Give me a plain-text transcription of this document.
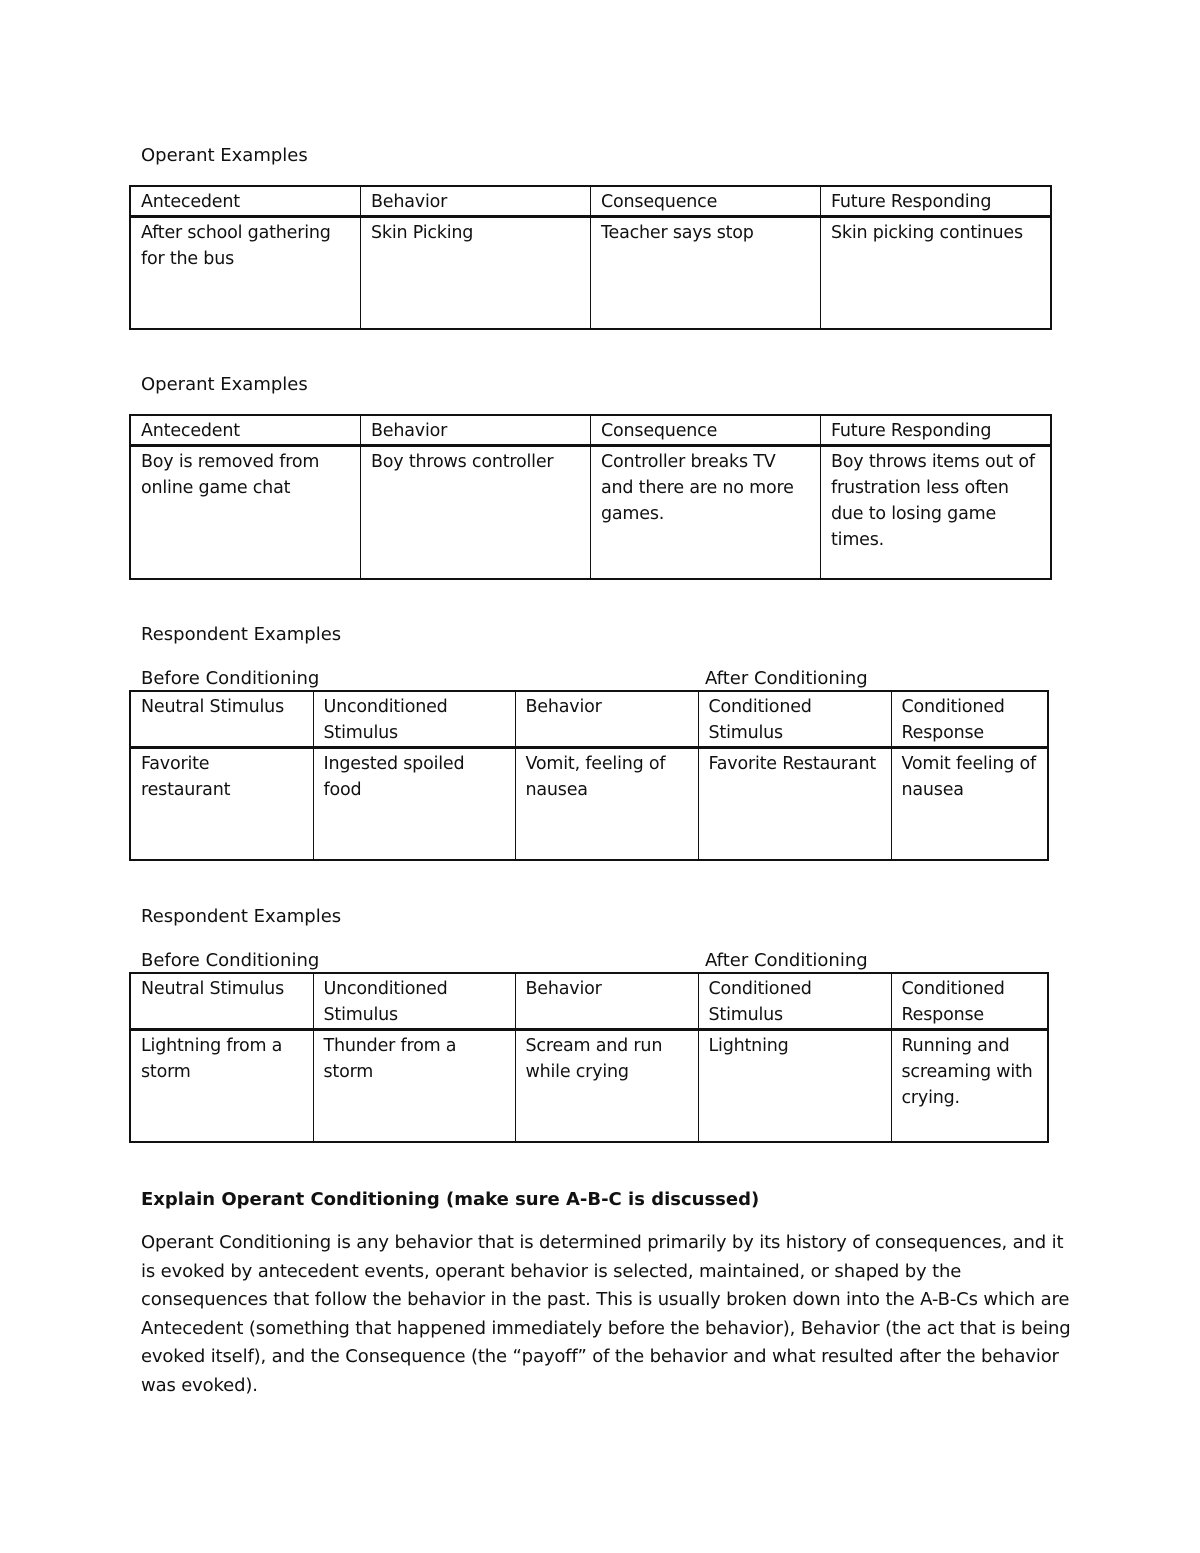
Operant Examples
Antecedent	Behavior	Consequence	Future Responding
After school gathering for the bus	Skin Picking	Teacher says stop	Skin picking continues
Operant Examples
Antecedent	Behavior	Consequence	Future Responding
Boy is removed from online game chat	Boy throws controller	Controller breaks TV and there are no more games.	Boy throws items out of frustration less often due to losing game times.
Respondent Examples
Before Conditioning	After Conditioning
Neutral Stimulus	Unconditioned Stimulus	Behavior	Conditioned Stimulus	Conditioned Response
Favorite restaurant	Ingested spoiled food	Vomit, feeling of nausea	Favorite Restaurant	Vomit feeling of nausea
Respondent Examples
Before Conditioning	After Conditioning
Neutral Stimulus	Unconditioned Stimulus	Behavior	Conditioned Stimulus	Conditioned Response
Lightning from a storm	Thunder from a storm	Scream and run while crying	Lightning	Running and screaming with crying.
Explain Operant Conditioning (make sure A-B-C is discussed)
Operant Conditioning is any behavior that is determined primarily by its history of consequences, and it is evoked by antecedent events, operant behavior is selected, maintained, or shaped by the consequences that follow the behavior in the past. This is usually broken down into the A-B-Cs which are Antecedent (something that happened immediately before the behavior), Behavior (the act that is being evoked itself), and the Consequence (the “payoff” of the behavior and what resulted after the behavior was evoked).
